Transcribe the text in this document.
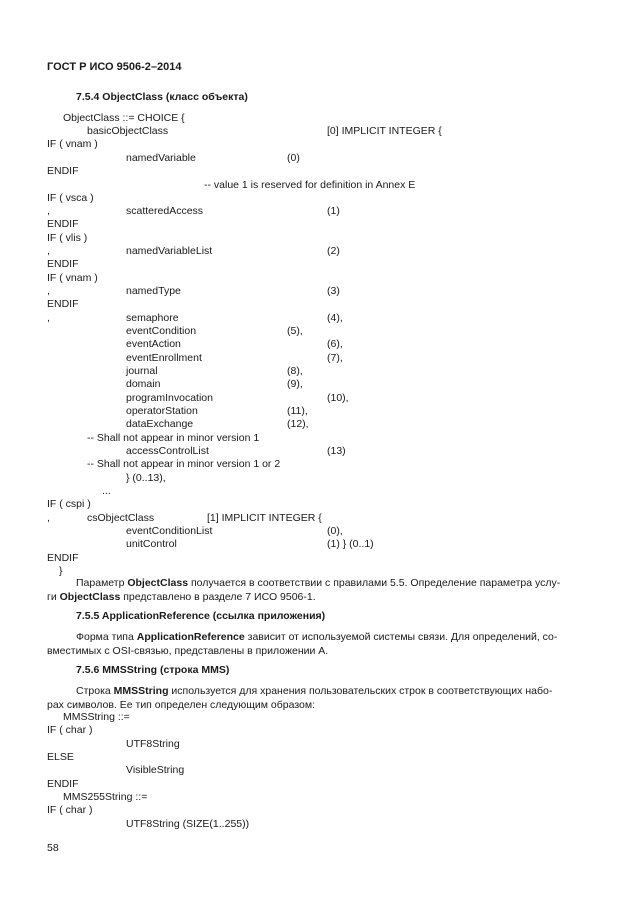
ГОСТ Р ИСО 9506-2–2014
7.5.4 ObjectClass (класс объекта)
ObjectClass ::= CHOICE {
basicObjectClass	[0] IMPLICIT INTEGER {
IF ( vnam )
namedVariable	(0)
ENDIF
-- value 1 is reserved for definition in Annex E
IF ( vsca )
,	scatteredAccess	(1)
ENDIF
IF ( vlis )
,	namedVariableList	(2)
ENDIF
IF ( vnam )
,	namedType	(3)
ENDIF
,	semaphore	(4),
eventCondition	(5),
eventAction	(6),
eventEnrollment	(7),
journal	(8),
domain	(9),
programInvocation	(10),
operatorStation	(11),
dataExchange	(12),
-- Shall not appear in minor version 1
accessControlList	(13)
-- Shall not appear in minor version 1 or 2
} (0..13),
...
IF ( cspi )
,	csObjectClass	[1] IMPLICIT INTEGER {
eventConditionList	(0),
unitControl	(1) } (0..1)
ENDIF
}
Параметр ObjectClass получается в соответствии с правилами 5.5. Определение параметра услу-
ги ObjectClass представлено в разделе 7 ИСО 9506-1.
7.5.5 ApplicationReference (ссылка приложения)
Форма типа ApplicationReference зависит от используемой системы связи. Для определений, со-
вместимых с OSI-связью, представлены в приложении А.
7.5.6 MMSString (строка MMS)
Строка MMSString используется для хранения пользовательских строк в соответствующих набо-
рах символов. Ее тип определен следующим образом:
MMSString ::=
IF ( char )
UTF8String
ELSE
VisibleString
ENDIF
MMS255String ::=
IF ( char )
UTF8String (SIZE(1..255))
58
